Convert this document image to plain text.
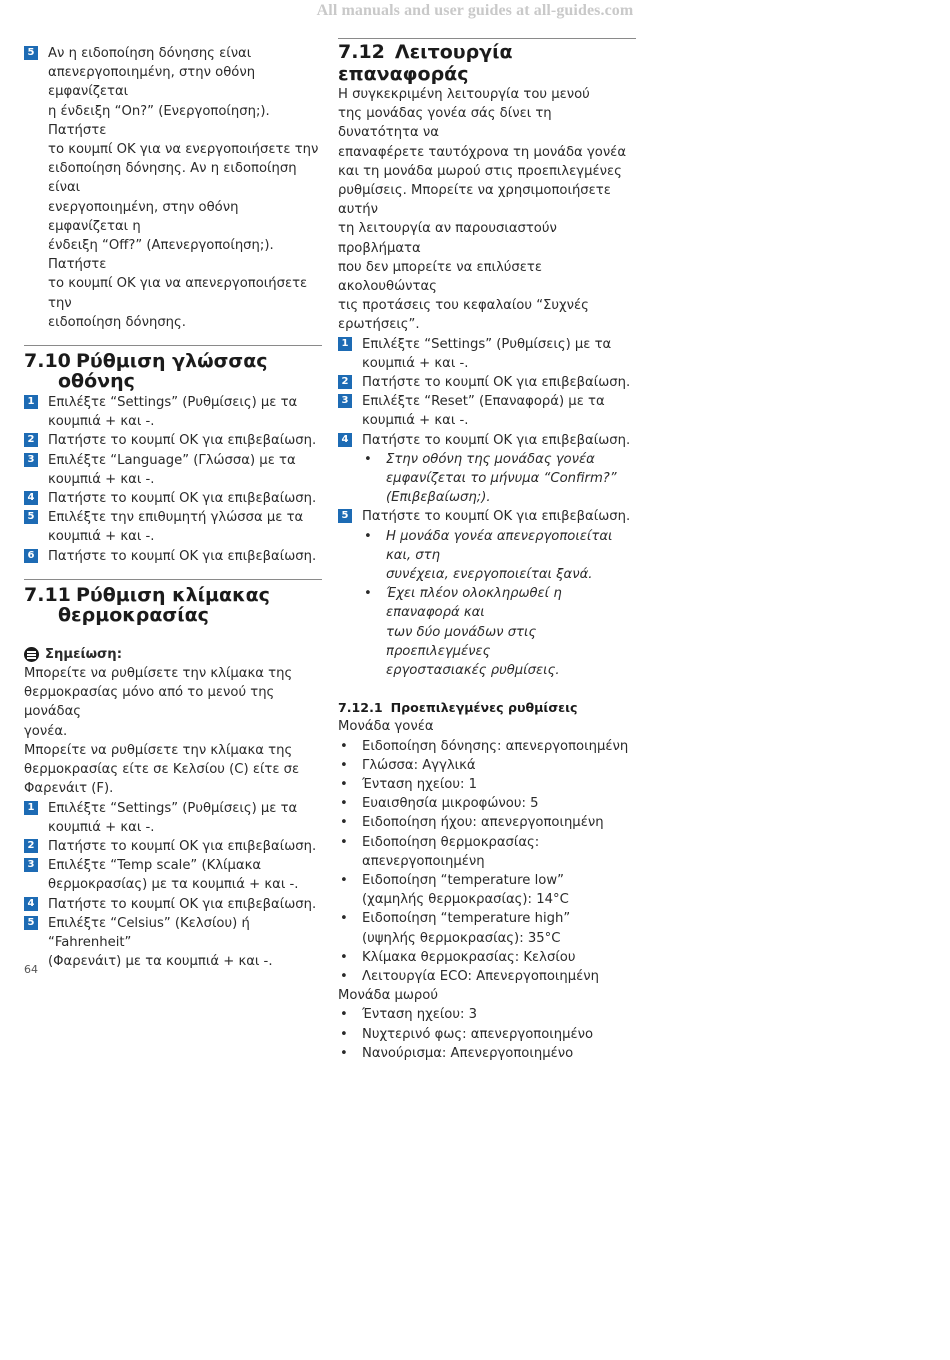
All manuals and user guides at all-guides.com
5 Αν η ειδοποίηση δόνησης είναι
απενεργοποιημένη, στην οθόνη εμφανίζεται
η ένδειξη “On?” (Ενεργοποίηση;). Πατήστε
το κουμπί OK για να ενεργοποιήσετε την
ειδοποίηση δόνησης. Αν η ειδοποίηση είναι
ενεργοποιημένη, στην οθόνη εμφανίζεται η
ένδειξη “Off?” (Απενεργοποίηση;). Πατήστε
το κουμπί OK για να απενεργοποιήσετε την
ειδοποίηση δόνησης.
7.10 Ρύθμιση γλώσσας
οθόνης
1 Επιλέξτε “Settings” (Ρυθμίσεις) με τα
κουμπιά + και -.
2 Πατήστε το κουμπί OK για επιβεβαίωση.
3 Επιλέξτε “Language” (Γλώσσα) με τα
κουμπιά + και -.
4 Πατήστε το κουμπί OK για επιβεβαίωση.
5 Επιλέξτε την επιθυμητή γλώσσα με τα
κουμπιά + και -.
6 Πατήστε το κουμπί OK για επιβεβαίωση.
7.11 Ρύθμιση κλίμακας
θερμοκρασίας
Σημείωση:
Μπορείτε να ρυθμίσετε την κλίμακα της
θερμοκρασίας μόνο από το μενού της μονάδας
γονέα.
Μπορείτε να ρυθμίσετε την κλίμακα της
θερμοκρασίας είτε σε Κελσίου (C) είτε σε
Φαρενάιτ (F).
1 Επιλέξτε “Settings” (Ρυθμίσεις) με τα
κουμπιά + και -.
2 Πατήστε το κουμπί OK για επιβεβαίωση.
3 Επιλέξτε “Temp scale” (Κλίμακα
θερμοκρασίας) με τα κουμπιά + και -.
4 Πατήστε το κουμπί OK για επιβεβαίωση.
5 Επιλέξτε “Celsius” (Κελσίου) ή “Fahrenheit”
(Φαρενάιτ) με τα κουμπιά + και -.
7.12 Λειτουργία επαναφοράς
Η συγκεκριμένη λειτουργία του μενού
της μονάδας γονέα σάς δίνει τη δυνατότητα να
επαναφέρετε ταυτόχρονα τη μονάδα γονέα
και τη μονάδα μωρού στις προεπιλεγμένες
ρυθμίσεις. Μπορείτε να χρησιμοποιήσετε αυτήν
τη λειτουργία αν παρουσιαστούν προβλήματα
που δεν μπορείτε να επιλύσετε ακολουθώντας
τις προτάσεις του κεφαλαίου “Συχνές
ερωτήσεις”.
1 Επιλέξτε “Settings” (Ρυθμίσεις) με τα
κουμπιά + και -.
2 Πατήστε το κουμπί OK για επιβεβαίωση.
3 Επιλέξτε “Reset” (Επαναφορά) με τα
κουμπιά + και -.
4 Πατήστε το κουμπί OK για επιβεβαίωση.
• Στην οθόνη της μονάδας γονέα
εμφανίζεται το μήνυμα “Confirm?”
(Επιβεβαίωση;).
5 Πατήστε το κουμπί OK για επιβεβαίωση.
• Η μονάδα γονέα απενεργοποιείται και, στη
συνέχεια, ενεργοποιείται ξανά.
• Έχει πλέον ολοκληρωθεί η επαναφορά και
των δύο μονάδων στις προεπιλεγμένες
εργοστασιακές ρυθμίσεις.
7.12.1 Προεπιλεγμένες ρυθμίσεις
Μονάδα γονέα
• Ειδοποίηση δόνησης: απενεργοποιημένη
• Γλώσσα: Αγγλικά
• Ένταση ηχείου: 1
• Ευαισθησία μικροφώνου: 5
• Ειδοποίηση ήχου: απενεργοποιημένη
• Ειδοποίηση θερμοκρασίας:
απενεργοποιημένη
• Ειδοποίηση “temperature low”
(χαμηλής θερμοκρασίας): 14°C
• Ειδοποίηση “temperature high”
(υψηλής θερμοκρασίας): 35°C
• Κλίμακα θερμοκρασίας: Κελσίου
• Λειτουργία ECO: Απενεργοποιημένη
Μονάδα μωρού
• Ένταση ηχείου: 3
• Νυχτερινό φως: απενεργοποιημένο
• Νανούρισμα: Απενεργοποιημένο
64
